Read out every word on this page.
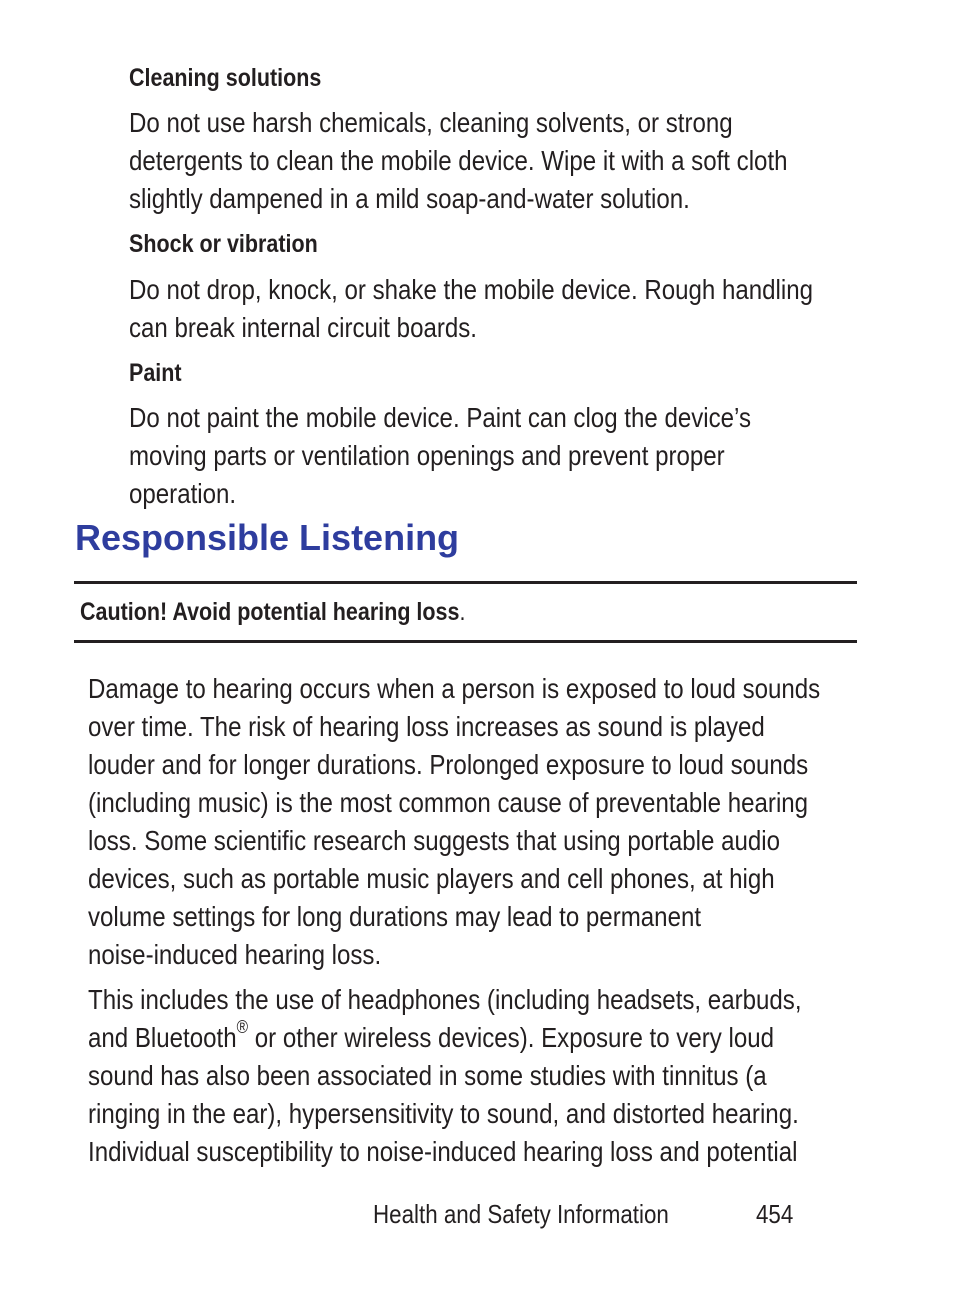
Cleaning solutions

Do not use harsh chemicals, cleaning solvents, or strong
detergents to clean the mobile device. Wipe it with a soft cloth
slightly dampened in a mild soap-and-water solution.

Shock or vibration

Do not drop, knock, or shake the mobile device. Rough handling
can break internal circuit boards.

Paint

Do not paint the mobile device. Paint can clog the device’s
moving parts or ventilation openings and prevent proper
operation.

Responsible Listening

Caution! Avoid potential hearing loss.

Damage to hearing occurs when a person is exposed to loud sounds
over time. The risk of hearing loss increases as sound is played
louder and for longer durations. Prolonged exposure to loud sounds
(including music) is the most common cause of preventable hearing
loss. Some scientific research suggests that using portable audio
devices, such as portable music players and cell phones, at high
volume settings for long durations may lead to permanent
noise-induced hearing loss.

This includes the use of headphones (including headsets, earbuds,
and Bluetooth® or other wireless devices). Exposure to very loud
sound has also been associated in some studies with tinnitus (a
ringing in the ear), hypersensitivity to sound, and distorted hearing.
Individual susceptibility to noise-induced hearing loss and potential

Health and Safety Information	454
